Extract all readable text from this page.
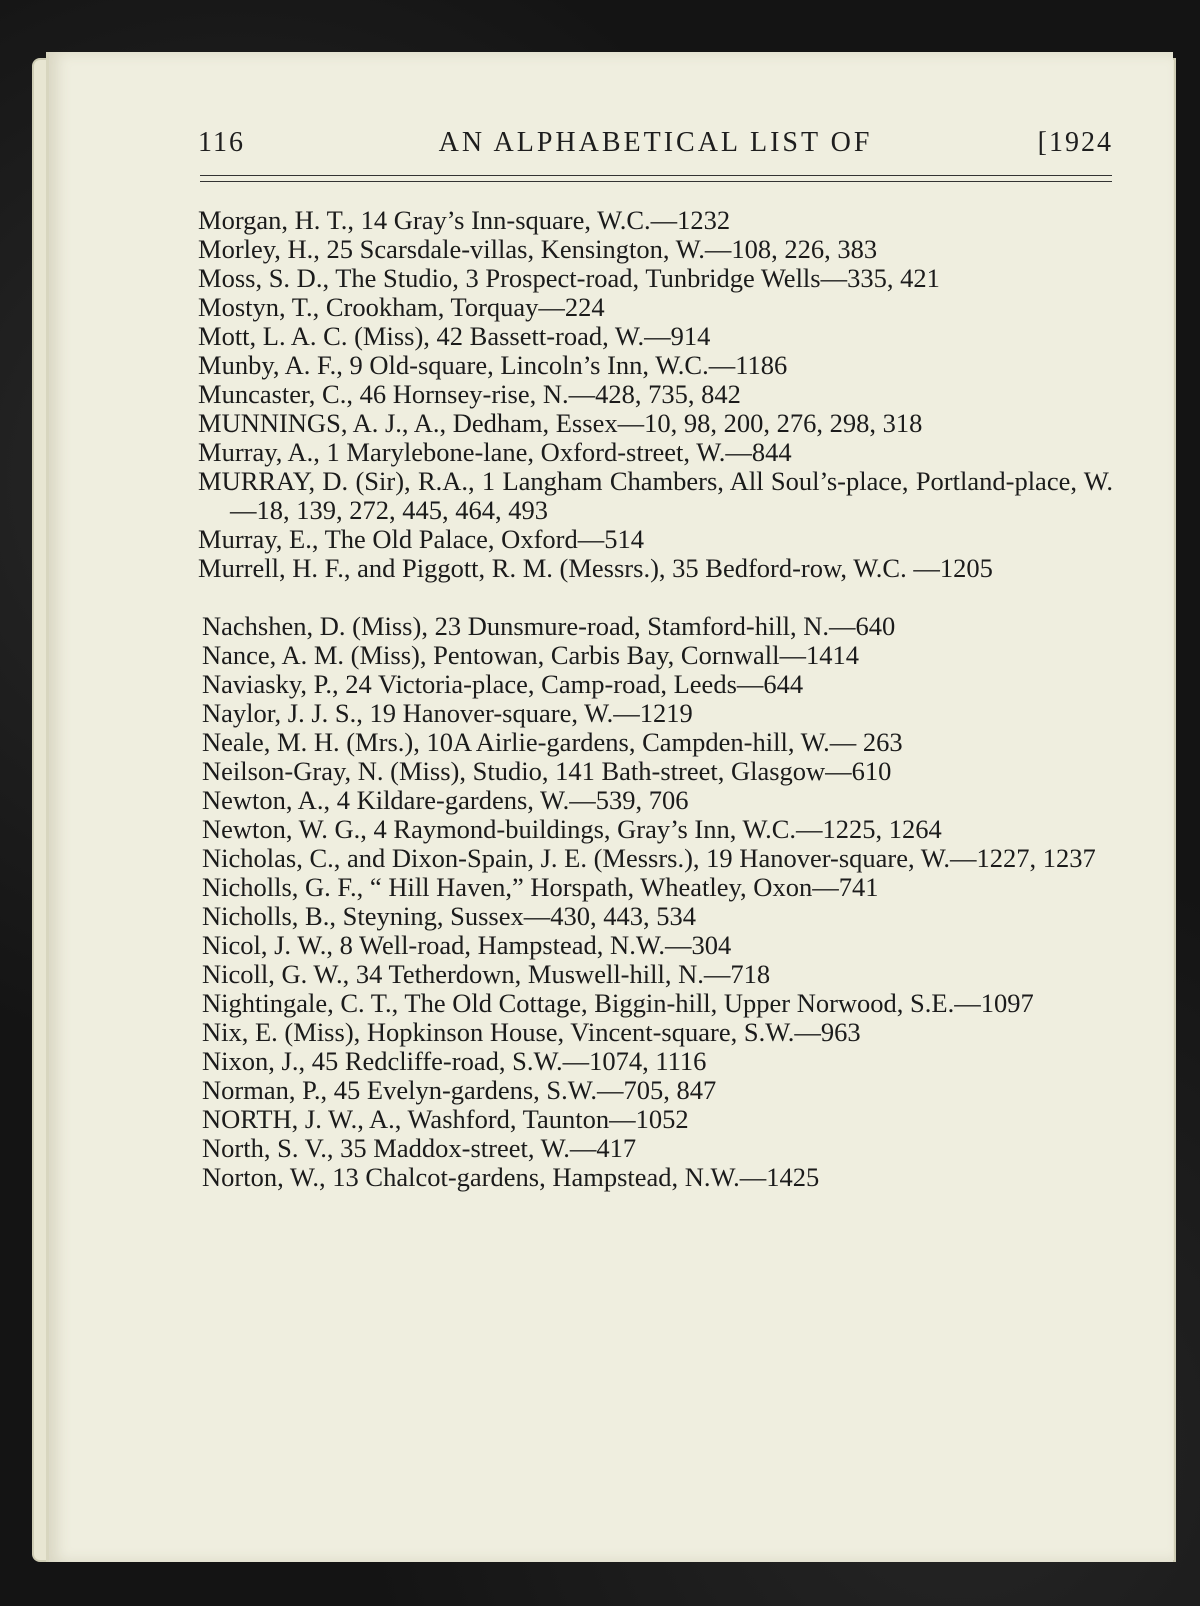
116	AN ALPHABETICAL LIST OF	[1924

Morgan, H. T., 14 Gray’s Inn-square, W.C.—1232

Morley, H., 25 Scarsdale-villas, Kensington, W.—108, 226, 383

Moss, S. D., The Studio, 3 Prospect-road, Tunbridge Wells—335, 421

Mostyn, T., Crookham, Torquay—224

Mott, L. A. C. (Miss), 42 Bassett-road, W.—914

Munby, A. F., 9 Old-square, Lincoln’s Inn, W.C.—1186

Muncaster, C., 46 Hornsey-rise, N.—428, 735, 842

MUNNINGS, A. J., A., Dedham, Essex—10, 98, 200, 276, 298, 318

Murray, A., 1 Marylebone-lane, Oxford-street, W.—844

MURRAY, D. (Sir), R.A., 1 Langham Chambers, All Soul’s-place, Portland-place, W.—18, 139, 272, 445, 464, 493

Murray, E., The Old Palace, Oxford—514

Murrell, H. F., and Piggott, R. M. (Messrs.), 35 Bedford-row, W.C. —1205

Nachshen, D. (Miss), 23 Dunsmure-road, Stamford-hill, N.—640

Nance, A. M. (Miss), Pentowan, Carbis Bay, Cornwall—1414

Naviasky, P., 24 Victoria-place, Camp-road, Leeds—644

Naylor, J. J. S., 19 Hanover-square, W.—1219

Neale, M. H. (Mrs.), 10A Airlie-gardens, Campden-hill, W.— 263

Neilson-Gray, N. (Miss), Studio, 141 Bath-street, Glasgow—610

Newton, A., 4 Kildare-gardens, W.—539, 706

Newton, W. G., 4 Raymond-buildings, Gray’s Inn, W.C.—1225, 1264

Nicholas, C., and Dixon-Spain, J. E. (Messrs.), 19 Hanover-square, W.—1227, 1237

Nicholls, G. F., “ Hill Haven,” Horspath, Wheatley, Oxon—741

Nicholls, B., Steyning, Sussex—430, 443, 534

Nicol, J. W., 8 Well-road, Hampstead, N.W.—304

Nicoll, G. W., 34 Tetherdown, Muswell-hill, N.—718

Nightingale, C. T., The Old Cottage, Biggin-hill, Upper Norwood, S.E.—1097

Nix, E. (Miss), Hopkinson House, Vincent-square, S.W.—963

Nixon, J., 45 Redcliffe-road, S.W.—1074, 1116

Norman, P., 45 Evelyn-gardens, S.W.—705, 847

NORTH, J. W., A., Washford, Taunton—1052

North, S. V., 35 Maddox-street, W.—417

Norton, W., 13 Chalcot-gardens, Hampstead, N.W.—1425
